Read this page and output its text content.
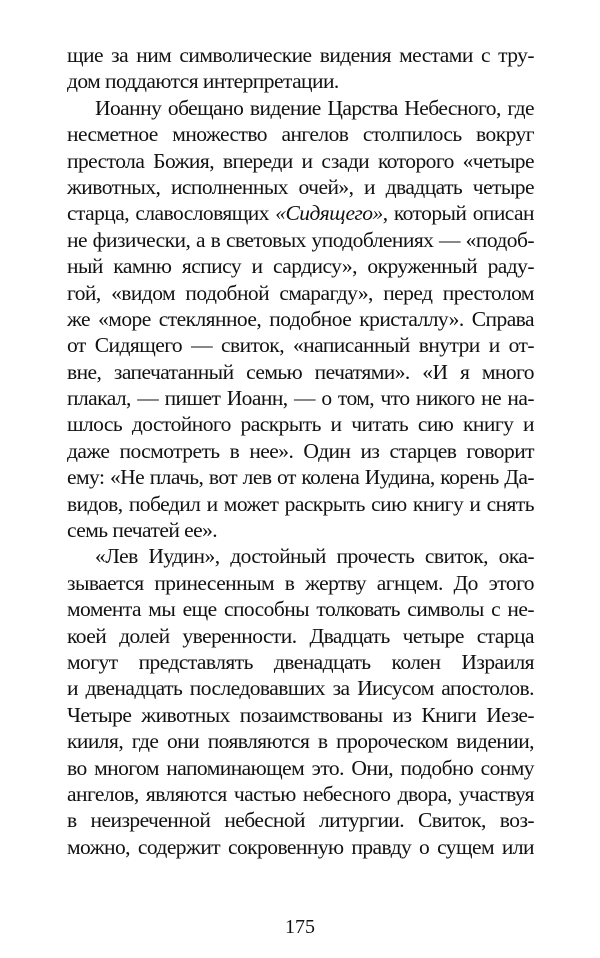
щие за ним символические видения местами с тру-
дом поддаются интерпретации.
Иоанну обещано видение Царства Небесного, где
несметное множество ангелов столпилось вокруг
престола Божия, впереди и сзади которого «четыре
животных, исполненных очей», и двадцать четыре
старца, славословящих «Сидящего», который описан
не физически, а в световых уподоблениях — «подоб-
ный камню яспису и сардису», окруженный раду-
гой, «видом подобной смарагду», перед престолом
же «море стеклянное, подобное кристаллу». Справа
от Сидящего — свиток, «написанный внутри и от-
вне, запечатанный семью печатями». «И я много
плакал, — пишет Иоанн, — о том, что никого не на-
шлось достойного раскрыть и читать сию книгу и
даже посмотреть в нее». Один из старцев говорит
ему: «Не плачь, вот лев от колена Иудина, корень Да-
видов, победил и может раскрыть сию книгу и снять
семь печатей ее».
«Лев Иудин», достойный прочесть свиток, ока-
зывается принесенным в жертву агнцем. До этого
момента мы еще способны толковать символы с не-
коей долей уверенности. Двадцать четыре старца
могут представлять двенадцать колен Израиля
и двенадцать последовавших за Иисусом апостолов.
Четыре животных позаимствованы из Книги Иезе-
кииля, где они появляются в пророческом видении,
во многом напоминающем это. Они, подобно сонму
ангелов, являются частью небесного двора, участвуя
в неизреченной небесной литургии. Свиток, воз-
можно, содержит сокровенную правду о сущем или
175
